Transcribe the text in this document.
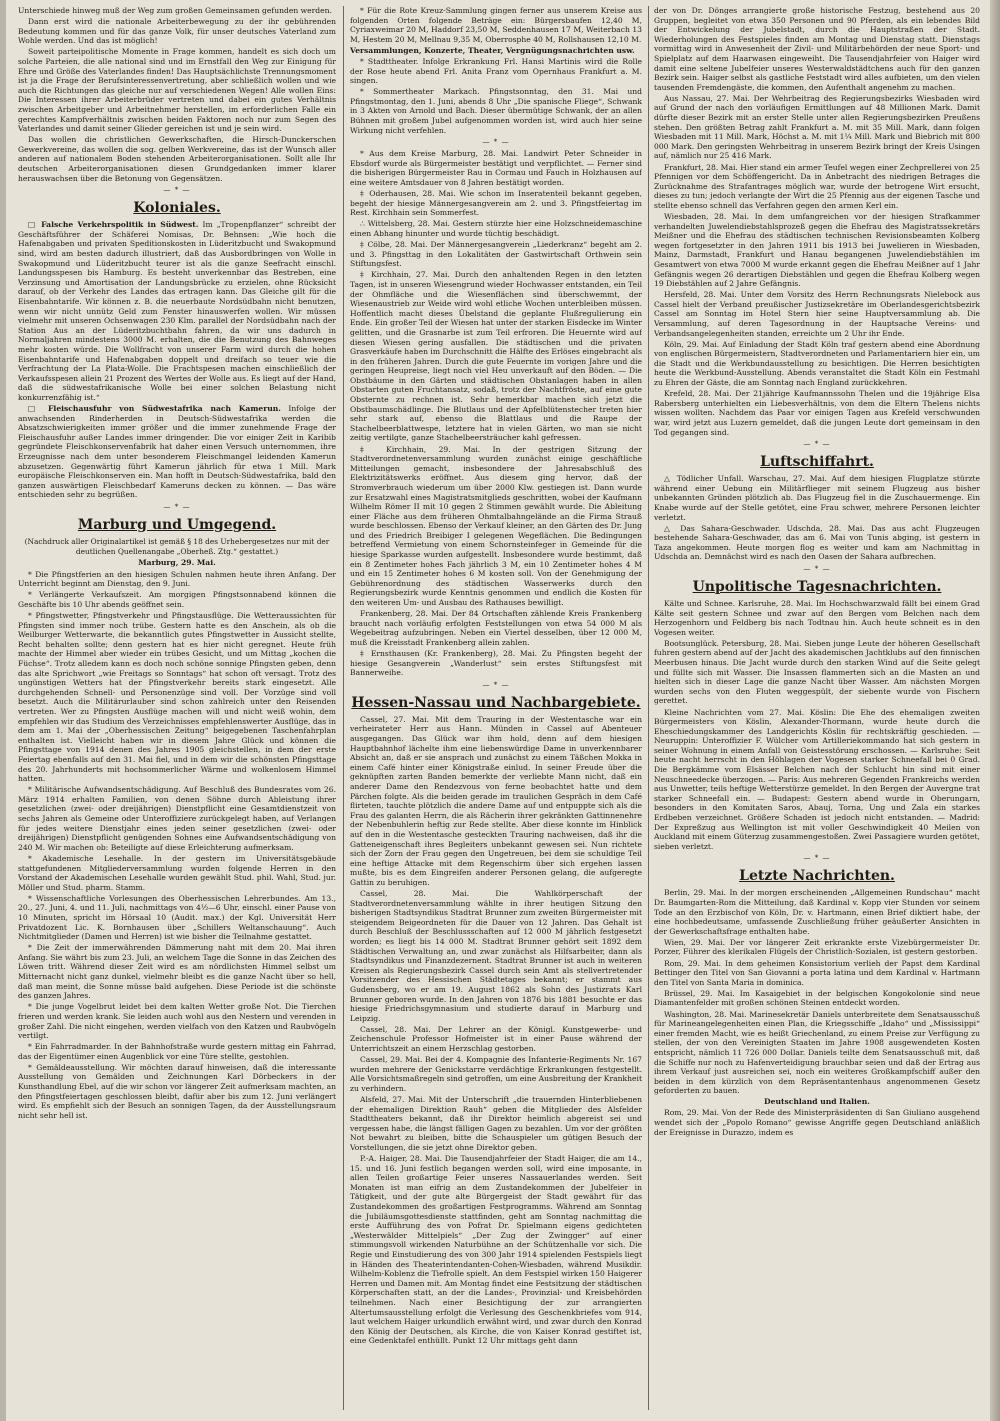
Unterschiede hinweg muß der Weg zum großen Gemeinsamen gefunden werden.

Dann erst wird die nationale Arbeiterbewegung zu der ihr gebührenden Bedeutung kommen und für das ganze Volk, für unser deutsches Vaterland zum Wohle werden. Und das ist möglich!

Soweit parteipolitische Momente in Frage kommen, handelt es sich doch um solche Parteien, die alle national sind und im Ernstfall den Weg zur Einigung für Ehre und Größe des Vaterlandes finden! Das Hauptsächlichste Trennungsmoment ist ja die Frage der Berufsinteressenvertretung, aber schließlich wollen und wie auch die Richtungen das gleiche nur auf verschiedenen Wegen! Alle wollen Eins: Die Interessen ihrer Arbeiterbrüder vertreten und dabei ein gutes Verhältnis zwischen Arbeitgeber und Arbeitnehmer herstellen, im erforderlichen Falle ein gerechtes Kampfverhältnis zwischen beiden Faktoren noch nur zum Segen des Vaterlandes und damit seiner Glieder gereichen ist und je sein wird.

Das wollen die christlichen Gewerkschaften, die Hirsch-Dunckerschen Gewerkvereine, das wollen die sog. gelben Werkvereine, das ist der Wunsch aller anderen auf nationalem Boden stehenden Arbeiterorganisationen. Sollt alle Ihr deutschen Arbeiterorganisationen diesen Grundgedanken immer klarer herauswachsen über die Betonung von Gegensätzen.

— * —
Koloniales.

□ Falsche Verkehrspolitik in Südwest. Im „Tropenpflanzer“ schreibt der Geschäftsführer der Schäferei Nomisas, Dr. Behnsen: „Wie hoch die Hafenabgaben und privaten Speditionskosten in Lüderitzbucht und Swakopmund sind, wird am besten dadurch illustriert, daß das Ausbordbringen von Wolle in Swakopmund und Lüderitzbucht teurer ist als die ganze Seefracht einschl. Landungsspesen bis Hamburg. Es besteht unverkennbar das Bestreben, eine Verzinsung und Amortisation der Landungsbrücke zu erzielen, ohne Rücksicht darauf, ob der Verkehr des Landes das ertragen kann. Das Gleiche gilt für die Eisenbahntarife. Wir können z. B. die neuerbaute Nordsüdbahn nicht benutzen, wenn wir nicht unnütz Geld zum Fenster hinauswerfen wollen. Wir müssen vielmehr mit unseren Ochsenwagen 230 Klm. parallel der Nordsüdbahn nach der Station Aus an der Lüderitzbuchtbahn fahren, da wir uns dadurch in Normaljahren mindestens 3000 M. erhalten, die die Benutzung des Bahnweges mehr kosten würde. Die Wollfracht von unserer Farm wird durch die hohen Eisenbahntarife und Hafenabgaben doppelt und dreifach so teuer wie die Verfrachtung der La Plata-Wolle. Die Frachtspesen machen einschließlich der Verkaufsspesen allein 21 Prozent des Wertes der Wolle aus. Es liegt auf der Hand, daß die südwestafrikanische Wolle bei einer solchen Belastung nicht konkurrenzfähig ist.“

□ Fleischausfuhr von Südwestafrika nach Kamerun. Infolge der anwachsenden Rinderherden in Deutsch-Südwestafrika werden die Absatzschwierigkeiten immer größer und die immer zunehmende Frage der Fleischausfuhr außer Landes immer dringender. Die vor einiger Zeit in Karibib gegründete Fleischkonservenfabrik hat daher einen Versuch unternommen, ihre Erzeugnisse nach dem unter besonderem Fleischmangel leidenden Kamerun abzusetzen. Gegenwärtig führt Kamerun jährlich für etwa 1 Mill. Mark europäische Fleischkonserven ein. Man hofft in Deutsch-Südwestafrika, bald den ganzen auswärtigen Fleischbedarf Kameruns decken zu können. — Das wäre entschieden sehr zu begrüßen.

— * —
Marburg und Umgegend.
(Nachdruck aller Originalartikel ist gemäß § 18 des Urhebergesetzes nur mit der deutlichen Quellenangabe „Oberheß. Ztg.“ gestattet.)
Marburg, 29. Mai.

* Die Pfingstferien an den hiesigen Schulen nahmen heute ihren Anfang. Der Unterricht beginnt am Dienstag, den 9. Juni.

* Verlängerte Verkaufszeit. Am morgigen Pfingstsonnabend können die Geschäfte bis 10 Uhr abends geöffnet sein.

* Pfingstwetter, Pfingstverkehr und Pfingstausflüge. Die Wetteraussichten für Pfingsten sind immer noch trübe. Gestern hatte es den Anschein, als ob die Weilburger Wetterwarte, die bekanntlich gutes Pfingstwetter in Aussicht stellte, Recht behalten sollte; denn gestern hat es hier nicht geregnet. Heute früh machte der Himmel aber wieder ein trübes Gesicht, und um Mittag „kochen die Füchse“. Trotz alledem kann es doch noch schöne sonnige Pfingsten geben, denn das alte Sprichwort „wie Freitags so Sonntags“ hat schon oft versagt. Trotz des ungünstigen Wetters hat der Pfingstverkehr bereits stark eingesetzt. Alle durchgehenden Schnell- und Personenzüge sind voll. Der Vorzüge sind voll besetzt. Auch die Militärurlauber sind schon zahlreich unter den Reisenden vertreten. Wer zu Pfingsten Ausflüge machen will und nicht weiß wohin, dem empfehlen wir das Studium des Verzeichnisses empfehlenswerter Ausflüge, das in dem am 1. Mai der „Oberhessischen Zeitung“ beigegebenen Taschenfahrplan enthalten ist. Vielleicht haben wir in diesem Jahre Glück und können die Pfingsttage von 1914 denen des Jahres 1905 gleichstellen, in dem der erste Feiertag ebenfalls auf den 31. Mai fiel, und in dem wir die schönsten Pfingsttage des 20. Jahrhunderts mit hochsommerlicher Wärme und wolkenlosem Himmel hatten.

* Militärische Aufwandsentschädigung. Auf Beschluß des Bundesrates vom 26. März 1914 erhalten Familien, von denen Söhne durch Ableistung ihrer gesetzlichen (zwei- oder dreijährigen) Dienstpflicht eine Gesamtdienstzeit von sechs Jahren als Gemeine oder Unteroffiziere zurückgelegt haben, auf Verlangen für jedes weitere Dienstjahr eines jeden seiner gesetzlichen (zwei- oder dreijährigen) Dienstpflicht genügenden Sohnes eine Aufwandsentschädigung von 240 M. Wir machen ob: Beteiligte auf diese Erleichterung aufmerksam.

* Akademische Lesehalle. In der gestern im Universitätsgebäude stattgefundenen Mitgliederversammlung wurden folgende Herren in den Vorstand der Akademischen Lesehalle wurden gewählt Stud. phil. Wahl, Stud. jur. Möller und Stud. pharm. Stamm.

* Wissenschaftliche Vorlesungen des Oberhessischen Lehrerbundes. Am 13., 20., 27. Juni, 4. und 11. Juli, nachmittags von 4½—6 Uhr, einschl. einer Pause von 10 Minuten, spricht im Hörsaal 10 (Audit. max.) der Kgl. Universität Herr Privatdozent Lic. K. Bornhausen über „Schillers Weltanschauung“. Auch Nichtmitglieder (Damen und Herren) ist wie bisher die Teilnahme gestattet.

* Die Zeit der immerwährenden Dämmerung naht mit dem 20. Mai ihren Anfang. Sie währt bis zum 23. Juli, an welchem Tage die Sonne in das Zeichen des Löwen tritt. Während dieser Zeit wird es am nördlichsten Himmel selbst um Mitternacht nicht ganz dunkel, vielmehr bleibt es die ganze Nacht über so hell, daß man meint, die Sonne müsse bald aufgehen. Diese Periode ist die schönste des ganzen Jahres.

* Die junge Vogelbrut leidet bei dem kalten Wetter große Not. Die Tierchen frieren und werden krank. Sie leiden auch wohl aus den Nestern und verenden in großer Zahl. Die nicht eingehen, werden vielfach von den Katzen und Raubvögeln vertilgt.

* Ein Fahrradmarder. In der Bahnhofstraße wurde gestern mittag ein Fahrrad, das der Eigentümer einen Augenblick vor eine Türe stellte, gestohlen.

* Gemäldeausstellung. Wir möchten darauf hinweisen, daß die interessante Ausstellung von Gemälden und Zeichnungen Karl Dörbeckers in der Kunsthandlung Ebel, auf die wir schon vor längerer Zeit aufmerksam machten, an den Pfingstfeiertagen geschlossen bleibt, dafür aber bis zum 12. Juni verlängert wird. Es empfiehlt sich der Besuch an sonnigen Tagen, da der Ausstellungsraum nicht sehr hell ist.

* Für die Rote Kreuz-Sammlung gingen ferner aus unserem Kreise aus folgenden Orten folgende Beträge ein: Bürgersbaufen 12,40 M, Cyriaxweimar 20 M, Haddorf 23,50 M, Seddenhausen 17 M, Weiterbach 13 M, Hestem 20 M, Mellnau 9,35 M, Oberrosphe 40 M, Rollshausen 12,10 M.

Versammlungen, Konzerte, Theater, Vergnügungsnachrichten usw.

* Stadttheater. Infolge Erkrankung Frl. Hansi Martinis wird die Rolle der Rose heute abend Frl. Anita Franz vom Opernhaus Frankfurt a. M. singen.

* Sommertheater Markach. Pfingstsonntag, den 31. Mai und Pfingstmontag, den 1. Juni, abends 8 Uhr „Die spanische Fliege“, Schwank in 3 Akten von Arnold und Bach. Dieser übermütige Schwank, der an allen Bühnen mit großem Jubel aufgenommen worden ist, wird auch hier seine Wirkung nicht verfehlen.

— * —

* Aus dem Kreise Marburg, 28. Mai. Landwirt Peter Schneider in Ebsdorf wurde als Bürgermeister bestätigt und verpflichtet. — Ferner sind die bisherigen Bürgermeister Rau in Cormau und Fauch in Holzhausen auf eine weitere Amtsdauer von 8 Jahren bestätigt worden.

‡ Oderhausen, 28. Mai. Wie schon im Inseratenteil bekannt gegeben, begeht der hiesige Männergesangverein am 2. und 3. Pfingstfeiertag im Rest. Kirchhain sein Sommerfest.

∴ Wittelsberg, 28. Mai. Gestern stürzte hier eine Holzschneidemaschine einen Abhang hinunter und wurde tüchtig beschädigt.

‡ Cölbe, 28. Mai. Der Männergesangverein „Liederkranz“ begeht am 2. und 3. Pfingsttag in den Lokalitäten der Gastwirtschaft Orthwein sein Stiftungsfest.

‡ Kirchhain, 27. Mai. Durch den anhaltenden Regen in den letzten Tagen, ist in unseren Wiesengrund wieder Hochwasser entstanden, ein Teil der Ohmfläche und die Wiesenflächen sind überschwemmt, der Wiesenaustrieb zur Weide wird wohl etliche Wochen unterbleiben müssen. Hoffentlich macht dieses Übelstand die geplante Flußregulierung ein Ende. Ein großer Teil der Wiesen hat unter der starken Eisdecke im Winter gelitten, und die Grasnarbe ist zum Teil erfroren. Die Heuernte wird auf diesen Wiesen gering ausfallen. Die städtischen und die privaten Grasverkäufe haben im Durchschnitt die Hälfte des Erlöses eingebracht als in den früheren Jahren. Durch die gute Feuernte im vorigen Jahre und die geringen Heupreise, liegt noch viel Heu unverkauft auf den Böden. — Die Obstbäume in den Gärten und städtischen Obstanlagen haben in allen Obstarten guten Fruchtansatz, sodaß, trotz der Nachtfröste, auf eine gute Obsternte zu rechnen ist. Sehr bemerkbar machen sich jetzt die Obstbaumschädlinge. Die Blutlaus und der Apfelblütenstecher treten hier sehr stark auf, ebenso die Blattlaus und die Raupe der Stachelbeerblattwespe, letztere hat in vielen Gärten, wo man sie nicht zeitig vertilgte, ganze Stachelbeersträucher kahl gefressen.

‡ Kirchhain, 29. Mai. In der gestrigen Sitzung der Stadtverordnetenversammlung wurden zunächst einige geschäftliche Mitteilungen gemacht, insbesondere der Jahresabschluß des Elektrizitätswerks eröffnet. Aus diesem ging hervor, daß der Stromverbrauch wiederum um über 2000 Klw. gestiegen ist. Dann wurde zur Ersatzwahl eines Magistratsmitglieds geschritten, wobei der Kaufmann Wilhelm Römer II mit 10 gegen 2 Stimmen gewählt wurde. Die Ableitung einer Fläche aus dem früheren Ohmtalbahngelände an die Firma Strauß wurde beschlossen. Ebenso der Verkauf kleiner, an den Gärten des Dr. Jung und des Friedrich Breibiger I gelegenen Wegeflächen. Die Bedingungen betreffend Vermietung von einem Schornsteinfeger in Gemeinde für die hiesige Sparkasse wurden aufgestellt. Insbesondere wurde bestimmt, daß ein 8 Zentimeter hohes Fach jährlich 3 M, ein 10 Zentimeter hohes 4 M und ein 15 Zentimeter hohes 6 M kosten soll. Von der Genehmigung der Gebührenordnung des städtischen Wasserwerks durch den Regierungsbezirk wurde Kenntnis genommen und endlich die Kosten für den weiteren Um- und Ausbau des Rathauses bewilligt.

Frankenberg, 28. Mai. Der 84 Ortschaften zählende Kreis Frankenberg braucht nach vorläufig erfolgten Feststellungen von etwa 54 000 M als Wegebeitrag aufzubringen. Neben ein Viertel desselben, über 12 000 M, muß die Kreisstadt Frankenberg allein zahlen.

‡ Ernsthausen (Kr. Frankenberg), 28. Mai. Zu Pfingsten begeht der hiesige Gesangverein „Wanderlust“ sein erstes Stiftungsfest mit Bannerweihe.

— * —
Hessen-Nassau und Nachbargebiete.

Cassel, 27. Mai. Mit dem Trauring in der Westentasche war ein verheirateter Herr aus Hann. Münden in Cassel auf Abenteuer ausgegangen. Das Glück war ihm hold, denn auf dem hiesigen Hauptbahnhof lächelte ihm eine liebenswürdige Dame in unverkennbarer Absicht an, daß er sie ansprach und zunächst zu einem Täßchen Mokka in einem Café hinter einer Königstraße einlud. In seiner Freude über die geknüpften zarten Banden bemerkte der verliebte Mann nicht, daß ein anderer Dame den Rendezvous von ferne beobachtet hatte und dem Pärchen folgte. Als die beiden gerade im traulichen Gespräch in dem Café flirteten, tauchte plötzlich die andere Dame auf und entpuppte sich als die Frau des galanten Herrn, die als Rächerin ihrer gekränkten Gattinnenehre der Nebenbuhlerin heftig zur Rede stellte. Aber diese konnte im Hinblick auf den in die Westentasche gesteckten Trauring nachweisen, daß ihr die Gatteneigenschaft ihres Begleiters unbekannt gewesen sei. Nun richtete sich der Zorn der Frau gegen den Ungetreuen, bei dem sie schuldige Teil eine heftige Attacke mit dem Regenschirm über sich ergehen lassen mußte, bis es dem Eingreifen anderer Personen gelang, die aufgeregte Gattin zu beruhigen.

Cassel, 28. Mai. Die Wahlkörperschaft der Stadtverordnetenversammlung wählte in ihrer heutigen Sitzung den bisherigen Stadtsyndikus Stadtrat Brunner zum zweiten Bürgermeister mit steigendem Beigeordneten für die Dauer von 12 Jahren. Das Gehalt ist durch Beschluß der Beschlussschaften auf 12 000 M jährlich festgesetzt worden; es liegt bis 14 000 M. Stadtrat Brunner gehört seit 1892 dem Städtischen Verwaltung an, und zwar zunächst als Hilfsarbeiter, dann als Stadtsyndikus und Finanzdezernent. Stadtrat Brunner ist auch in weiteren Kreisen als Regierungsbezirk Cassel durch sein Amt als stellvertretender Vorsitzender des Hessischen Städtetages bekannt; er stammt aus Gudensberg, wo er am 19. August 1862 als Sohn des Justizrats Karl Brunner geboren wurde. In den Jahren von 1876 bis 1881 besuchte er das hiesige Friedrichsgymnasium und studierte darauf in Marburg und Leipzig.

Cassel, 28. Mai. Der Lehrer an der Königl. Kunstgewerbe- und Zeichenschule Professor Hofmeister ist in einer Pause während der Unterrichtszeit an einem Herzschlag gestorben.

Cassel, 29. Mai. Bei der 4. Kompagnie des Infanterie-Regiments Nr. 167 wurden mehrere der Genickstarre verdächtige Erkrankungen festgestellt. Alle Vorsichtsmaßregeln sind getroffen, um eine Ausbreitung der Krankheit zu verhindern.

Alsfeld, 27. Mai. Mit der Unterschrift „die trauernden Hinterbliebenen der ehemaligen Direktion Rauh“ geben die Mitglieder des Alsfelder Stadttheaters bekannt, daß ihr Direktor heimlich abgereist sei und vergessen habe, die längst fälligen Gagen zu bezahlen. Um vor der größten Not bewahrt zu bleiben, bitte die Schauspieler um gütigen Besuch der Vorstellungen, die sie jetzt ohne Direktor geben.

P.-A. Haiger, 28. Mai. Die Tausendjahrfeier der Stadt Haiger, die am 14., 15. und 16. Juni festlich begangen werden soll, wird eine imposante, in allen Teilen großartige Feier unseres Nassauerlandes werden. Seit Monaten ist man eifrig an dem Zustandekommen der Jubelfeier in Tätigkeit, und der gute alte Bürgergeist der Stadt gewährt für das Zustandekommen des großartigen Festprogramms. Während am Sonntag die Jubiläumsgottesdienste stattfinden, geht am Sonntag nachmittag die erste Aufführung des von Pofrat Dr. Spielmann eigens gedichteten „Westerwälder Mittelpiels“ „Der Zug der Zwingger“ auf einer stimmungsvoll wirkenden Naturbühne an der Schützenhalle vor sich. Die Regie und Einstudierung des von 300 Jahr 1914 spielenden Festspiels liegt in Händen des Theaterintendanten-Cohen-Wiesbaden, während Musikdir. Wilhelm-Koblenz die Tiefrolle spielt. An dem Festspiel wirken 150 Haigerer Herren und Damen mit. Am Montag findet eine Festsitzung der städtischen Körperschaften statt, an der die Landes-, Provinzial- und Kreisbehörden teilnehmen. Nach einer Besichtigung der zur arrangierten Altertumsausstellung erfolgt die Verlesung des Geschenkbriefes vom 914, laut welchem Haiger urkundlich erwähnt wird, und zwar durch den Konrad den König der Deutschen, als Kirche, die von Kaiser Konrad gestiftet ist, eine Gedenktafel enthüllt. Punkt 12 Uhr mittags geht dann

der von Dr. Dönges arrangierte große historische Festzug, bestehend aus 20 Gruppen, begleitet von etwa 350 Personen und 90 Pferden, als ein lebendes Bild der Entwickelung der Jubelstadt, durch die Hauptstraßen der Stadt. Wiederholungen des Festspieles finden am Montag und Dienstag statt. Dienstags vormittag wird in Anwesenheit der Zivil- und Militärbehörden der neue Sport- und Spielplatz auf dem Haarwasen eingeweiht. Die Tausendjahrfeier von Haiger wird damit eine seltene Jubelfeier unseres Westerwaldstädtchens auch für den ganzen Bezirk sein. Haiger selbst als gastliche Feststadt wird alles aufbieten, um den vielen tausenden Fremdengäste, die kommen, den Aufenthalt angenehm zu machen.

Aus Nassau, 27. Mai. Der Wehrbeitrag des Regierungsbezirks Wiesbaden wird auf Grund der nach den vorläufigen Ermittlungen auf 48 Millionen Mark. Damit dürfte dieser Bezirk mit an erster Stelle unter allen Regierungsbezirken Preußens stehen. Den größten Betrag zahlt Frankfurt a. M. mit 35 Mill. Mark, dann folgen Wiesbaden mit 11 Mill. Mark, Höchst a. M. mit 1¼ Mill. Mark und Biebrich mit 800 000 Mark. Den geringsten Wehrbeitrag in unserem Bezirk bringt der Kreis Usingen auf, nämlich nur 25 416 Mark.

Frankfurt, 28. Mai. Hier stand ein armer Teufel wegen einer Zechprellerei von 25 Pfennigen vor dem Schöffengericht. Da in Anbetracht des niedrigen Betrages die Zurücknahme des Strafantrages möglich war, wurde der betrogene Wirt ersucht, dieses zu tun; jedoch verlangte der Wirt die 25 Pfennig aus der eigenen Tasche und stellte ebenso schnell das Verfahren gegen den armen Kerl ein.

Wiesbaden, 28. Mai. In dem umfangreichen vor der hiesigen Strafkammer verhandelten Juwelendiebstahlsprozeß gegen die Ehefrau des Magistratssekretärs Meißner und die Ehefrau des städtischen technischen Revisionsbeamten Kolberg wegen fortgesetzter in den Jahren 1911 bis 1913 bei Juwelieren in Wiesbaden, Mainz, Darmstadt, Frankfurt und Hanau begangenen Juwelendiebstählen im Gesamtwert von etwa 7000 M wurde erkannt gegen die Ehefrau Meißner auf 1 Jahr Gefängnis wegen 26 derartigen Diebstählen und gegen die Ehefrau Kolberg wegen 19 Diebstählen auf 2 Jahre Gefängnis.

Hersfeld, 28. Mai. Unter dem Vorsitz des Herrn Rechnungsrats Nielebock aus Cassel hielt der Verband preußischer Justizsekretäre im Oberlandesgerichtsbezirk Cassel am Sonntag im Hotel Stern hier seine Hauptversammlung ab. Die Versammlung, auf deren Tagesordnung in der Hauptsache Vereins- und Verbandsangelegenheiten standen, erreichte um 2 Uhr ihr Ende.

Köln, 29. Mai. Auf Einladung der Stadt Köln traf gestern abend eine Abordnung von englischen Bürgermeistern, Stadtverordneten und Parlamentariern hier ein, um die Stadt und die Werkbundausstellung zu besichtigen. Die Herren besichtigten heute die Werkbund-Ausstellung. Abends veranstaltet die Stadt Köln ein Festmahl zu Ehren der Gäste, die am Sonntag nach England zurückkehren.

Krefeld, 28. Mai. Der 21jährige Kaufmannssohn Thelen und die 19jährige Elsa Rabersberg unterhielten ein Liebesverhältnis, von dem die Eltern Thelens nichts wissen wollten. Nachdem das Paar vor einigen Tagen aus Krefeld verschwunden war, wird jetzt aus Luzern gemeldet, daß die jungen Leute dort gemeinsam in den Tod gegangen sind.

— * —
Luftschiffahrt.

△ Tödlicher Unfall. Warschau, 27. Mai. Auf dem hiesigen Flugplatze stürzte während einer Uebung ein Militärflieger mit seinem Flugzeug aus bisher unbekannten Gründen plötzlich ab. Das Flugzeug fiel in die Zuschauermenge. Ein Knabe wurde auf der Stelle getötet, eine Frau schwer, mehrere Personen leichter verletzt.

△ Das Sahara-Geschwader. Udschda, 28. Mai. Das aus acht Flugzeugen bestehende Sahara-Geschwader, das am 6. Mai von Tunis abging, ist gestern in Taza angekommen. Heute morgen flog es weiter und kam am Nachmittag in Udschda an. Demnächst wird es nach den Oasen der Sahara aufbrechen.

— * —
Unpolitische Tagesnachrichten.

Kälte und Schnee. Karlsruhe, 28. Mai. Im Hochschwarzwald fällt bei einem Grad Kälte seit gestern Schnee und zwar auf den Bergen vom Belchen nach dem Herzogenhorn und Feldberg bis nach Todtnau hin. Auch heute schneit es in den Vogesen weiter.

Bootsunglück. Petersburg, 28. Mai. Sieben junge Leute der höheren Gesellschaft fuhren gestern abend auf der Jacht des akademischen Jachtklubs auf den finnischen Meerbusen hinaus. Die Jacht wurde durch den starken Wind auf die Seite gelegt und füllte sich mit Wasser. Die Insassen flammerten sich an die Masten an und hielten sich in dieser Lage die ganze Nacht über Wasser. Am nächsten Morgen wurden sechs von den Fluten weggespült, der siebente wurde von Fischern gerettet.

Kleine Nachrichten vom 27. Mai. Köslin: Die Ehe des ehemaligen zweiten Bürgermeisters von Köslin, Alexander-Thormann, wurde heute durch die Eheschiedungskammer des Landgerichts Köslin für rechtskräftig geschieden. — Neuruppin: Unteroffizier F. Wülcher vom Artilleriekommando hat sich gestern in seiner Wohnung in einem Anfall von Geistesstörung erschossen. — Karlsruhe: Seit heute nacht herrscht in den Höhlagen der Vogesen starker Schneefall bei 0 Grad. Die Bergkämme vom Elsässer Belchen nach der Schlucht hin sind mit einer Neuschneedecke überzogen. — Paris: Aus mehreren Gegenden Frankreichs werden aus Unwetter, teils heftige Wetterstürze gemeldet. In den Bergen der Auvergne trat starker Schneefall ein. — Budapest: Gestern abend wurde in Oberungarn, besonders in den Komitaten Saros, Abauj, Torna, Ung und Zala ein starkes Erdbeben verzeichnet. Größere Schaden ist jedoch nicht entstanden. — Madrid: Der Expreßzug aus Wellington ist mit voller Geschwindigkeit 40 Meilen von Auckland mit einem Güterzug zusammengestoßen. Zwei Passagiere wurden getötet, sieben verletzt.

— * —
Letzte Nachrichten.

Berlin, 29. Mai. In der morgen erscheinenden „Allgemeinen Rundschau“ macht Dr. Baumgarten-Rom die Mitteilung, daß Kardinal v. Kopp vier Stunden vor seinem Tode an den Erzbischof von Köln, Dr. v. Hartmann, einen Brief diktiert habe, der eine hochbedeutsame, umfassende Zuschließung früher geäußerter Ansichten in der Gewerkschaftsfrage enthalten habe.

Wien, 29. Mai. Der vor längerer Zeit erkrankte erste Vizebürgermeister Dr. Porzer, Führer des klerikalen Flügels der Christlich-Sozialen, ist gestern gestorben.

Rom, 29. Mai. In dem geheimen Konsistorium verlieh der Papst dem Kardinal Bettinger den Titel von San Giovanni a porta latina und dem Kardinal v. Hartmann den Titel von Santa Maria in dominica.

Brüssel, 29. Mai. Im Kasaigebiet in der belgischen Kongokolonie sind neue Diamantenfelder mit großen schönen Steinen entdeckt worden.

Washington, 28. Mai. Marinesekretär Daniels unterbreitete dem Senatsausschuß für Marineangelegenheiten einen Plan, die Kriegsschiffe „Idaho“ und „Mississippi“ einer fremden Macht, wie es heißt Griechenland, zu einem Preise zur Verfügung zu stellen, der von den Vereinigten Staaten im Jahre 1908 ausgewendeten Kosten entspricht, nämlich 11 726 000 Dollar. Daniels teilte dem Senatsausschuß mit, daß die Schiffe nur noch zu Hafenverteidigung brauchbar seien und daß der Ertrag aus ihrem Verkauf just ausreichen sei, noch ein weiteres Großkampfschiff außer den beiden in dem kürzlich von dem Repräsentantenhaus angenommenen Gesetz geforderten zu bauen.

Deutschland und Italien.

Rom, 29. Mai. Von der Rede des Ministerpräsidenten di San Giuliano ausgehend wendet sich der „Popolo Romano“ gewisse Angriffe gegen Deutschland anläßlich der Ereignisse in Durazzo, indem es
